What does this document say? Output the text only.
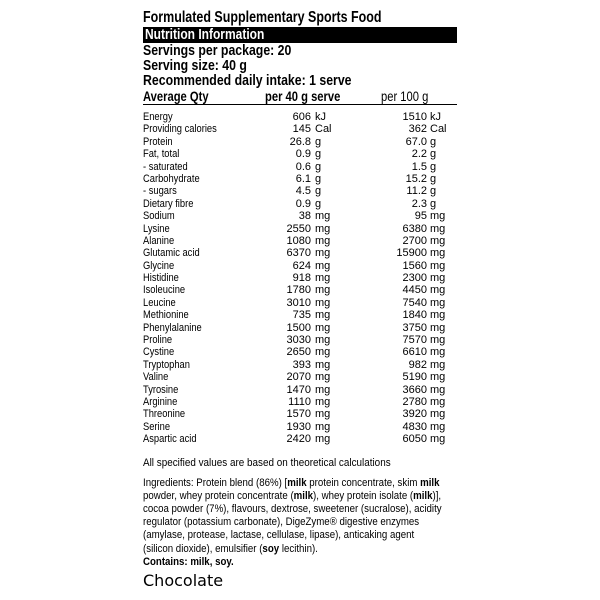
Formulated Supplementary Sports Food
Nutrition Information
Servings per package: 20
Serving size: 40 g
Recommended daily intake: 1 serve
Average Qty	per 40 g serve	per 100 g
Energy	606 kJ	1510 kJ
Providing calories	145 Cal	362 Cal
Protein	26.8 g	67.0 g
Fat, total	0.9 g	2.2 g
- saturated	0.6 g	1.5 g
Carbohydrate	6.1 g	15.2 g
- sugars	4.5 g	11.2 g
Dietary fibre	0.9 g	2.3 g
Sodium	38 mg	95 mg
Lysine	2550 mg	6380 mg
Alanine	1080 mg	2700 mg
Glutamic acid	6370 mg	15900 mg
Glycine	624 mg	1560 mg
Histidine	918 mg	2300 mg
Isoleucine	1780 mg	4450 mg
Leucine	3010 mg	7540 mg
Methionine	735 mg	1840 mg
Phenylalanine	1500 mg	3750 mg
Proline	3030 mg	7570 mg
Cystine	2650 mg	6610 mg
Tryptophan	393 mg	982 mg
Valine	2070 mg	5190 mg
Tyrosine	1470 mg	3660 mg
Arginine	1110 mg	2780 mg
Threonine	1570 mg	3920 mg
Serine	1930 mg	4830 mg
Aspartic acid	2420 mg	6050 mg
All specified values are based on theoretical calculations
Ingredients: Protein blend (86%) [milk protein concentrate, skim milk
powder, whey protein concentrate (milk), whey protein isolate (milk)],
cocoa powder (7%), flavours, dextrose, sweetener (sucralose), acidity
regulator (potassium carbonate), DigeZyme® digestive enzymes
(amylase, protease, lactase, cellulase, lipase), anticaking agent
(silicon dioxide), emulsifier (soy lecithin).
Contains: milk, soy.
Chocolate
